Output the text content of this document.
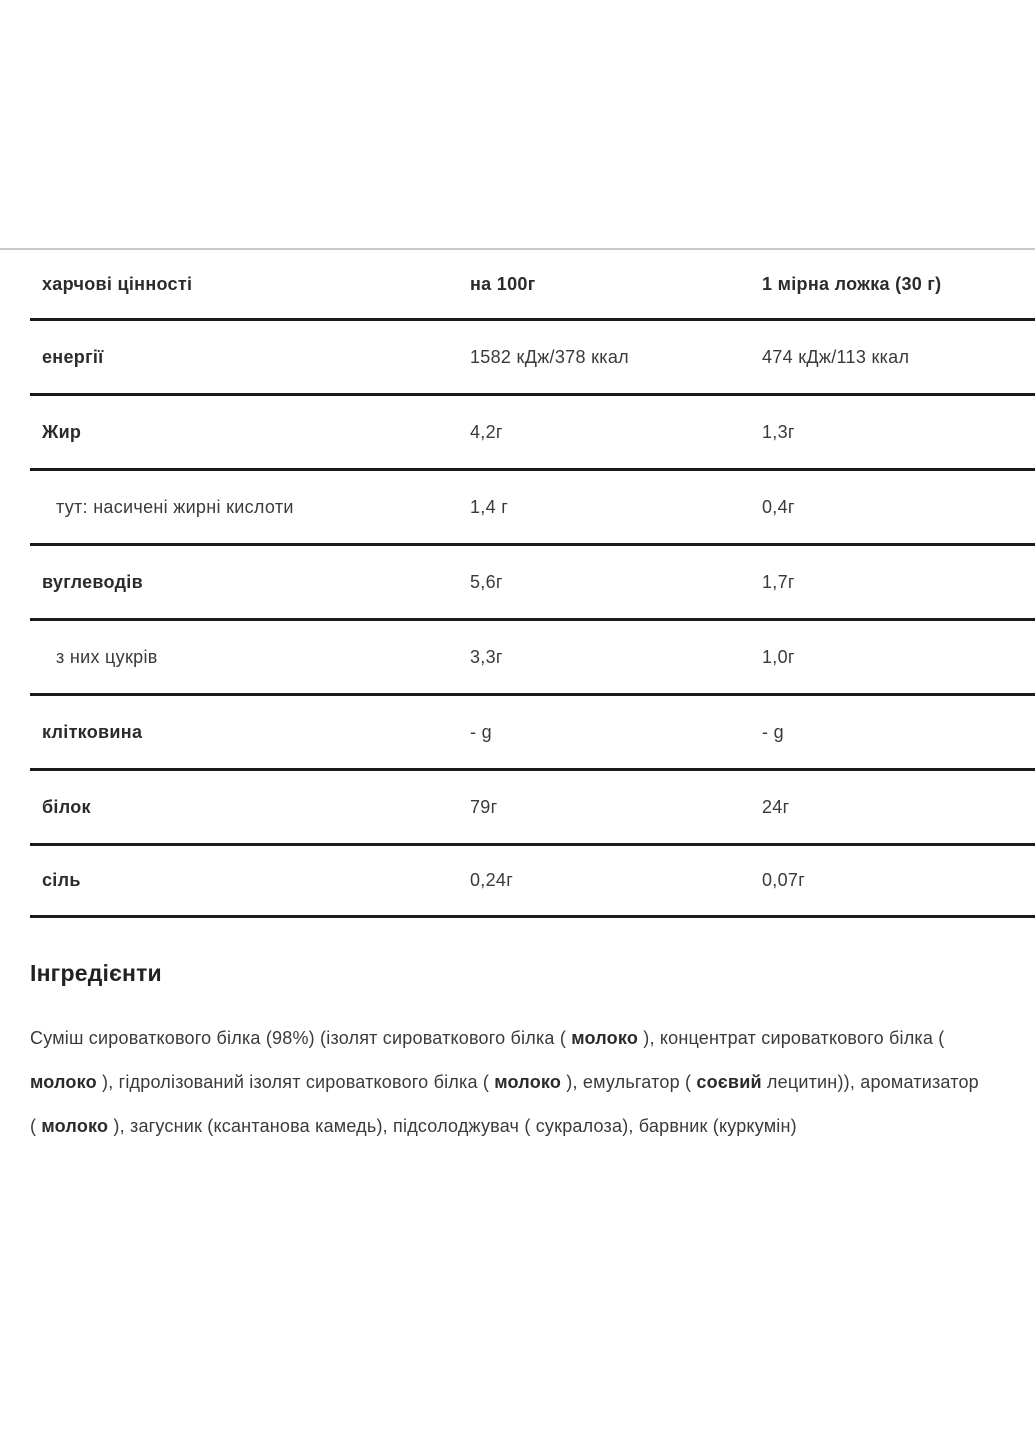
харчові цінності	на 100г	1 мірна ложка (30 г)
енергії	1582 кДж/378 ккал	474 кДж/113 ккал
Жир	4,2г	1,3г
тут: насичені жирні кислоти	1,4 г	0,4г
вуглеводів	5,6г	1,7г
з них цукрів	3,3г	1,0г
клітковина	- g	- g
білок	79г	24г
сіль	0,24г	0,07г
Інгредієнти
Суміш сироваткового білка (98%) (ізолят сироваткового білка ( молоко ), концентрат сироваткового білка ( молоко ), гідролізований ізолят сироваткового білка ( молоко ), емульгатор ( соєвий лецитин)), ароматизатор ( молоко ), загусник (ксантанова камедь), підсолоджувач ( сукралоза), барвник (куркумін)
